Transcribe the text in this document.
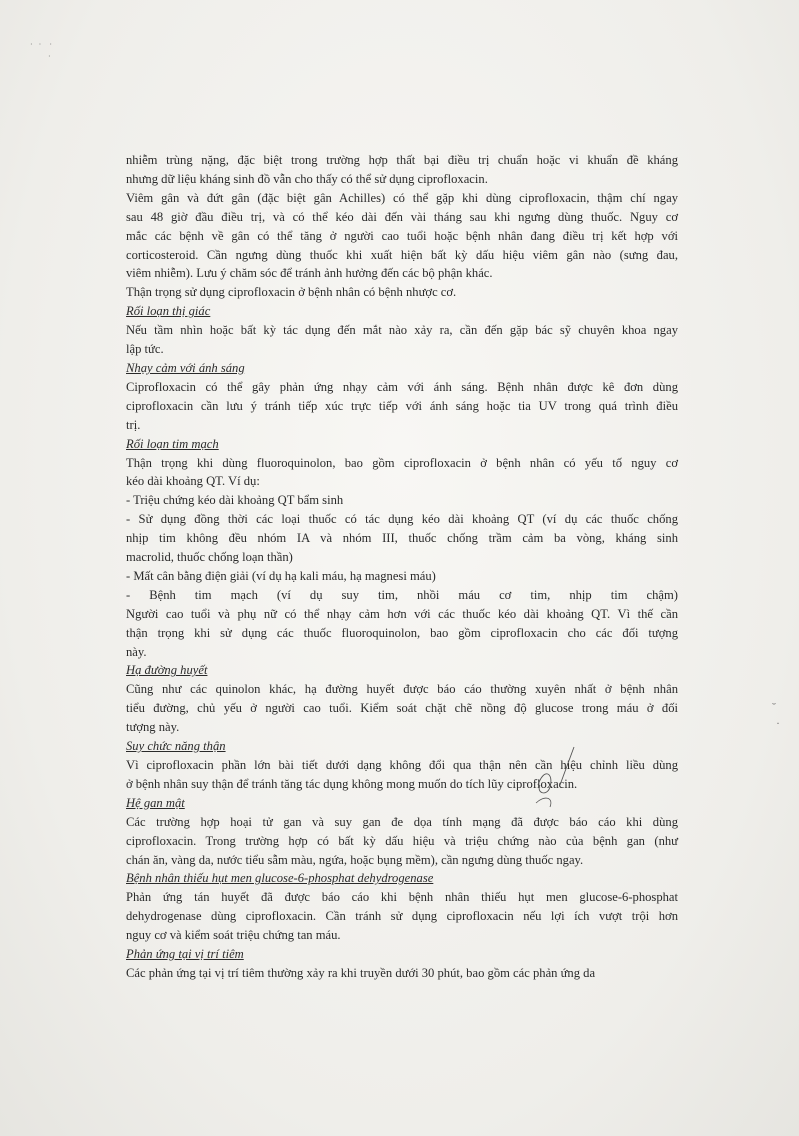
·   ·    ·
·
˘
·
nhiễm trùng nặng, đặc biệt trong trường hợp thất bại điều trị chuẩn hoặc vi khuẩn đề kháng
nhưng dữ liệu kháng sinh đồ vẫn cho thấy có thể sử dụng ciprofloxacin.
Viêm gân và đứt gân (đặc biệt gân Achilles) có thể gặp khi dùng ciprofloxacin, thậm chí ngay
sau 48 giờ đầu điều trị, và có thể kéo dài đến vài tháng sau khi ngưng dùng thuốc. Nguy cơ
mắc các bệnh về gân có thể tăng ở người cao tuổi hoặc bệnh nhân đang điều trị kết hợp với
corticosteroid. Cần ngưng dùng thuốc khi xuất hiện bất kỳ dấu hiệu viêm gân nào (sưng đau,
viêm nhiễm). Lưu ý chăm sóc để tránh ảnh hưởng đến các bộ phận khác.
Thận trọng sử dụng ciprofloxacin ở bệnh nhân có bệnh nhược cơ.
Rối loạn thị giác
Nếu tầm nhìn hoặc bất kỳ tác dụng đến mắt nào xảy ra, cần đến gặp bác sỹ chuyên khoa ngay
lập tức.
Nhạy cảm với ánh sáng
Ciprofloxacin có thể gây phản ứng nhạy cảm với ánh sáng. Bệnh nhân được kê đơn dùng
ciprofloxacin cần lưu ý tránh tiếp xúc trực tiếp với ánh sáng hoặc tia UV trong quá trình điều
trị.
Rối loạn tim mạch
Thận trọng khi dùng fluoroquinolon, bao gồm ciprofloxacin ở bệnh nhân có yếu tố nguy cơ
kéo dài khoảng QT. Ví dụ:
- Triệu chứng kéo dài khoảng QT bẩm sinh
- Sử dụng đồng thời các loại thuốc có tác dụng kéo dài khoảng QT (ví dụ các thuốc chống
nhịp tim không đều nhóm IA và nhóm III, thuốc chống trầm cảm ba vòng, kháng sinh
macrolid, thuốc chống loạn thần)
- Mất cân bằng điện giải (ví dụ hạ kali máu, hạ magnesi máu)
- Bệnh tim mạch (ví dụ suy tim, nhồi máu cơ tim, nhịp tim chậm)
Người cao tuổi và phụ nữ có thể nhạy cảm hơn với các thuốc kéo dài khoảng QT. Vì thế cần
thận trọng khi sử dụng các thuốc fluoroquinolon, bao gồm ciprofloxacin cho các đối tượng
này.
Hạ đường huyết
Cũng như các quinolon khác, hạ đường huyết được báo cáo thường xuyên nhất ở bệnh nhân
tiểu đường, chủ yếu ở người cao tuổi. Kiểm soát chặt chẽ nồng độ glucose trong máu ở đối
tượng này.
Suy chức năng thận
Vì ciprofloxacin phần lớn bài tiết dưới dạng không đổi qua thận nên cần hiệu chỉnh liều dùng
ở bệnh nhân suy thận để tránh tăng tác dụng không mong muốn do tích lũy ciprofloxacin.
Hệ gan mật
Các trường hợp hoại tử gan và suy gan đe dọa tính mạng đã được báo cáo khi dùng
ciprofloxacin. Trong trường hợp có bất kỳ dấu hiệu và triệu chứng nào của bệnh gan (như
chán ăn, vàng da, nước tiểu sẫm màu, ngứa, hoặc bụng mềm), cần ngưng dùng thuốc ngay.
Bệnh nhân thiếu hụt men glucose-6-phosphat dehydrogenase
Phản ứng tán huyết đã được báo cáo khi bệnh nhân thiếu hụt men glucose-6-phosphat
dehydrogenase dùng ciprofloxacin. Cần tránh sử dụng ciprofloxacin nếu lợi ích vượt trội hơn
nguy cơ và kiểm soát triệu chứng tan máu.
Phản ứng tại vị trí tiêm
Các phản ứng tại vị trí tiêm thường xảy ra khi truyền dưới 30 phút, bao gồm các phản ứng da
